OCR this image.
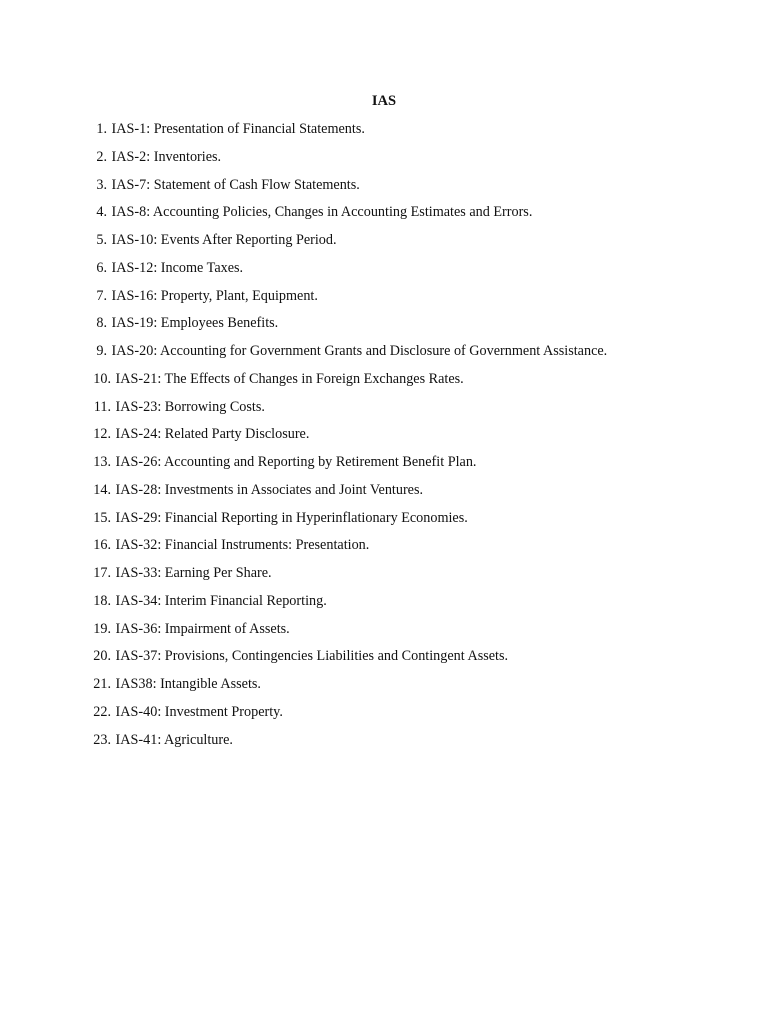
IAS
1. IAS-1: Presentation of Financial Statements.
2. IAS-2: Inventories.
3. IAS-7: Statement of Cash Flow Statements.
4. IAS-8: Accounting Policies, Changes in Accounting Estimates and Errors.
5. IAS-10: Events After Reporting Period.
6. IAS-12: Income Taxes.
7. IAS-16: Property, Plant, Equipment.
8. IAS-19: Employees Benefits.
9. IAS-20: Accounting for Government Grants and Disclosure of Government Assistance.
10. IAS-21: The Effects of Changes in Foreign Exchanges Rates.
11. IAS-23: Borrowing Costs.
12. IAS-24: Related Party Disclosure.
13. IAS-26: Accounting and Reporting by Retirement Benefit Plan.
14. IAS-28: Investments in Associates and Joint Ventures.
15. IAS-29: Financial Reporting in Hyperinflationary Economies.
16. IAS-32: Financial Instruments: Presentation.
17. IAS-33: Earning Per Share.
18. IAS-34: Interim Financial Reporting.
19. IAS-36: Impairment of Assets.
20. IAS-37: Provisions, Contingencies Liabilities and Contingent Assets.
21. IAS38: Intangible Assets.
22. IAS-40: Investment Property.
23. IAS-41: Agriculture.
